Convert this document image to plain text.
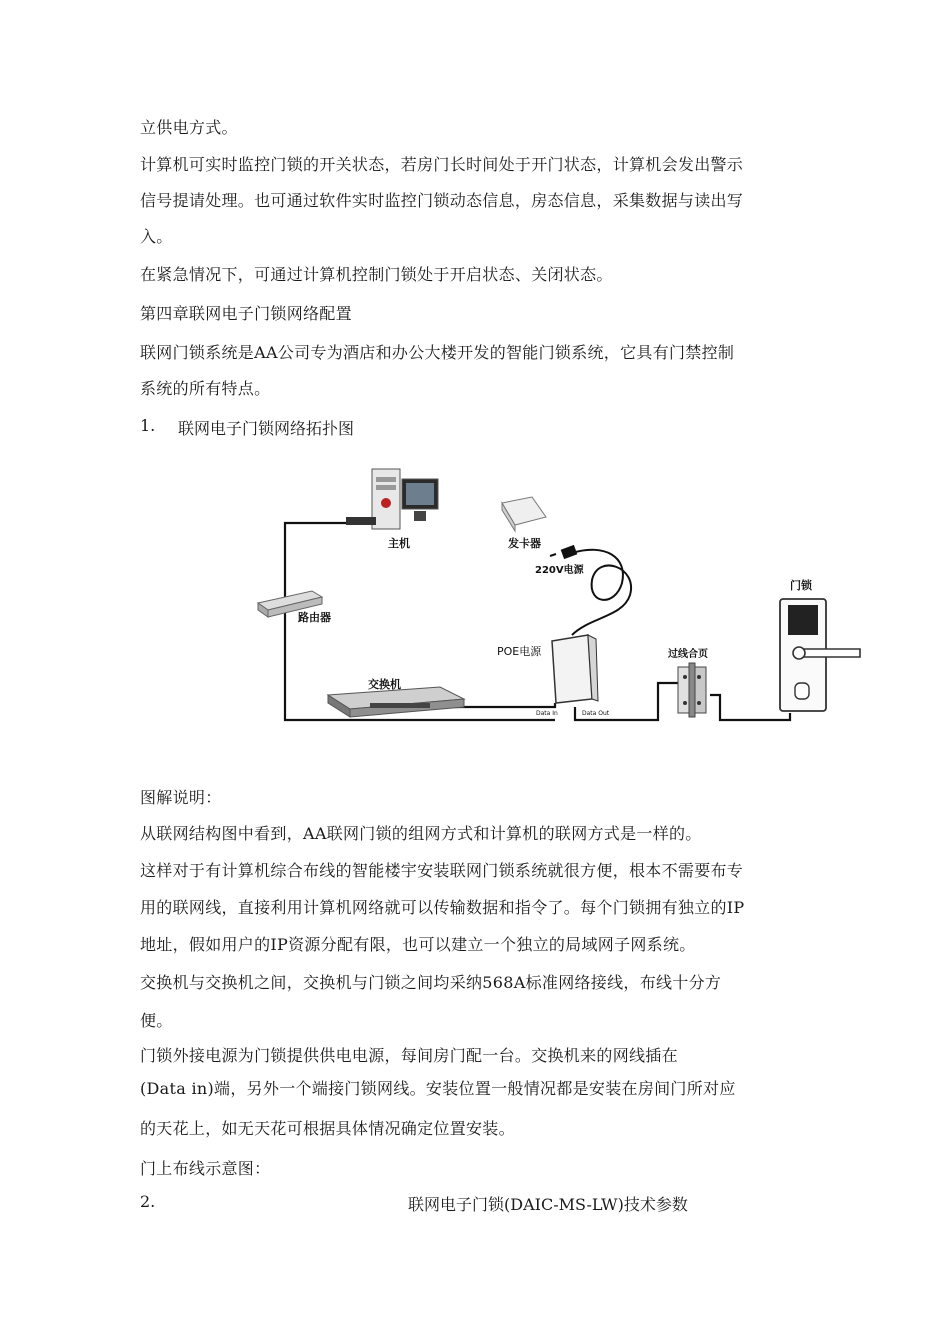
立供电方式。
计算机可实时监控门锁的开关状态，若房门长时间处于开门状态，计算机会发出警示
信号提请处理。也可通过软件实时监控门锁动态信息，房态信息，采集数据与读出写
入。
在紧急情况下，可通过计算机控制门锁处于开启状态、关闭状态。
第四章联网电子门锁网络配置
联网门锁系统是AA公司专为酒店和办公大楼开发的智能门锁系统，它具有门禁控制
系统的所有特点。
1. 联网电子门锁网络拓扑图
主机	发卡器
220V电源
路由器
交换机
POE电源
Data In	Data Out
过线合页
门锁
图解说明：
从联网结构图中看到，AA联网门锁的组网方式和计算机的联网方式是一样的。
这样对于有计算机综合布线的智能楼宇安装联网门锁系统就很方便，根本不需要布专
用的联网线，直接利用计算机网络就可以传输数据和指令了。每个门锁拥有独立的IP
地址，假如用户的IP资源分配有限，也可以建立一个独立的局域网子网系统。
交换机与交换机之间，交换机与门锁之间均采纳568A标准网络接线，布线十分方
便。
门锁外接电源为门锁提供供电电源，每间房门配一台。交换机来的网线插在
(Data in)端，另外一个端接门锁网线。安装位置一般情况都是安装在房间门所对应
的天花上，如无天花可根据具体情况确定位置安装。
门上布线示意图：
2.	联网电子门锁(DAIC-MS-LW)技术参数
